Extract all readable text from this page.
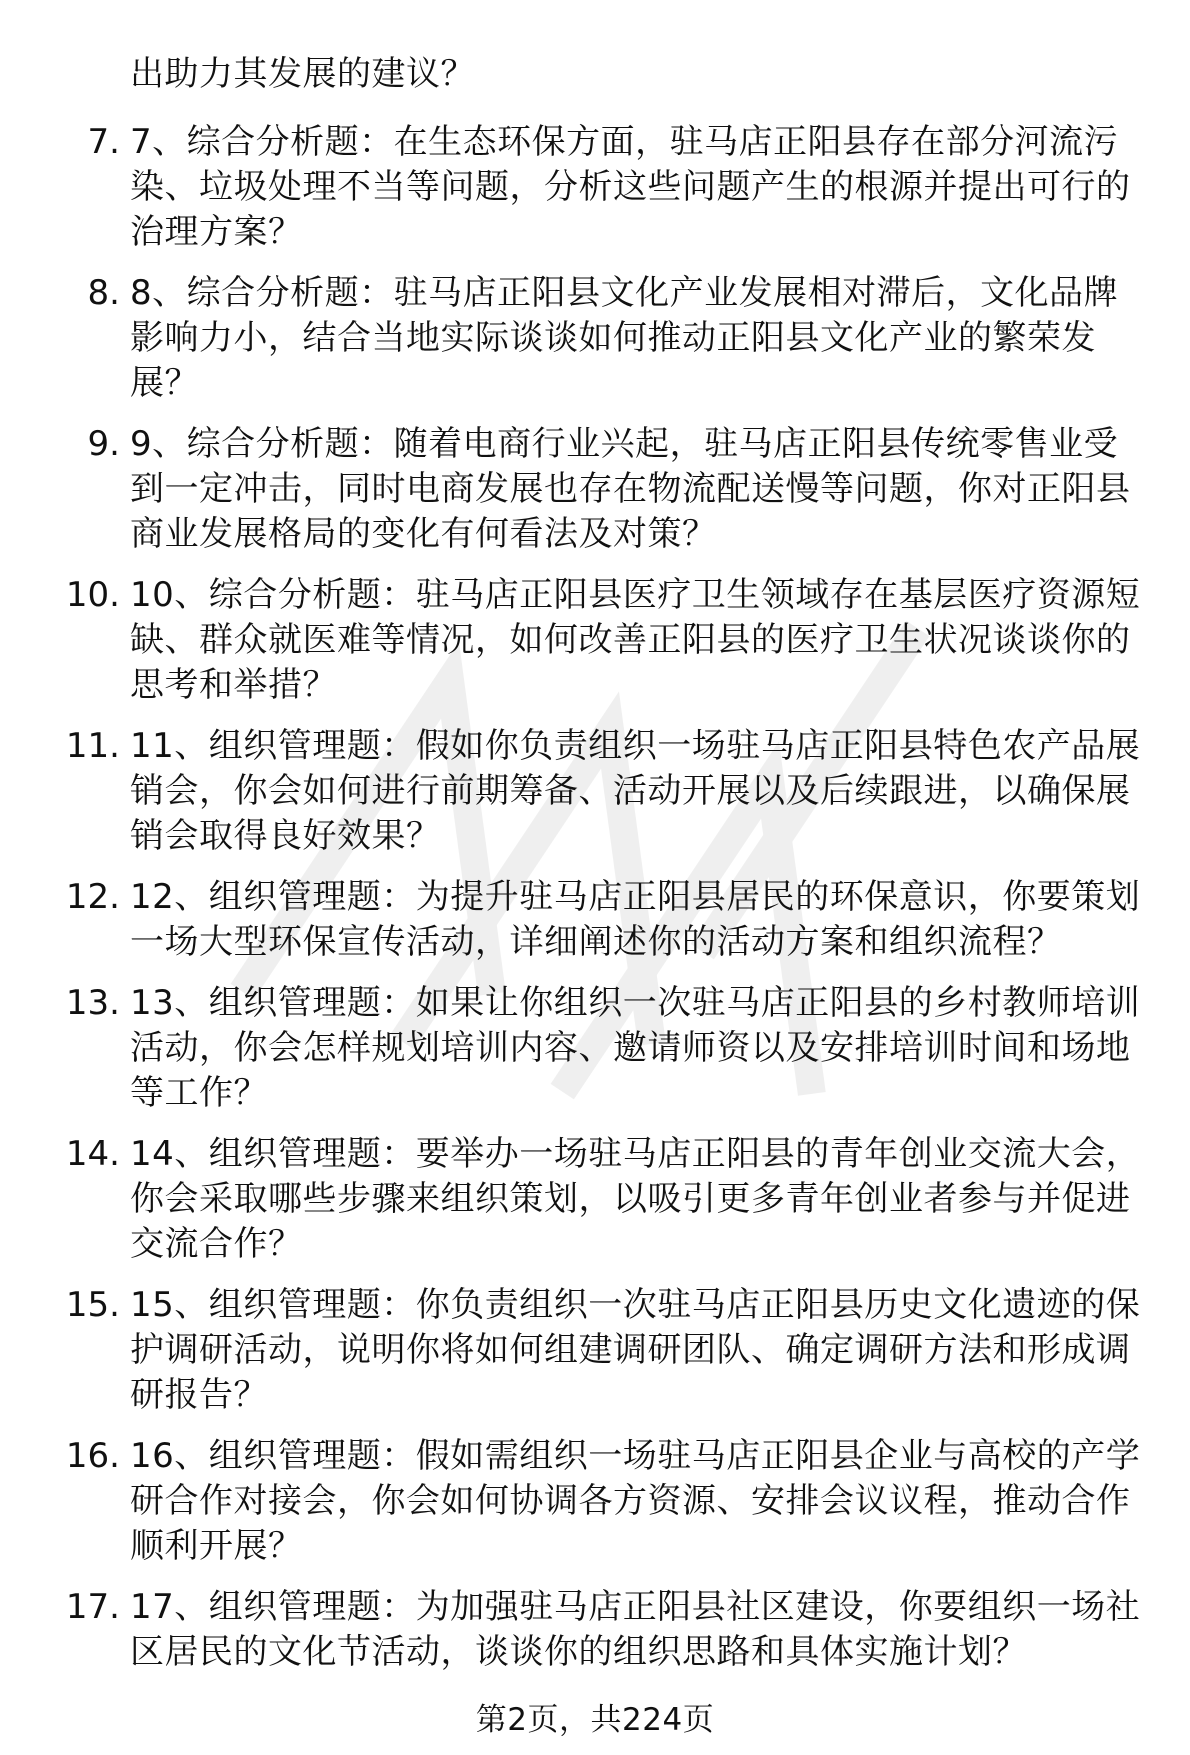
出助力其发展的建议？
7. 7、综合分析题：在生态环保方面，驻马店正阳县存在部分河流污染、垃圾处理不当等问题，分析这些问题产生的根源并提出可行的治理方案？
8. 8、综合分析题：驻马店正阳县文化产业发展相对滞后，文化品牌影响力小，结合当地实际谈谈如何推动正阳县文化产业的繁荣发展？
9. 9、综合分析题：随着电商行业兴起，驻马店正阳县传统零售业受到一定冲击，同时电商发展也存在物流配送慢等问题，你对正阳县商业发展格局的变化有何看法及对策？
10. 10、综合分析题：驻马店正阳县医疗卫生领域存在基层医疗资源短缺、群众就医难等情况，如何改善正阳县的医疗卫生状况谈谈你的思考和举措？
11. 11、组织管理题：假如你负责组织一场驻马店正阳县特色农产品展销会，你会如何进行前期筹备、活动开展以及后续跟进，以确保展销会取得良好效果？
12. 12、组织管理题：为提升驻马店正阳县居民的环保意识，你要策划一场大型环保宣传活动，详细阐述你的活动方案和组织流程？
13. 13、组织管理题：如果让你组织一次驻马店正阳县的乡村教师培训活动，你会怎样规划培训内容、邀请师资以及安排培训时间和场地等工作？
14. 14、组织管理题：要举办一场驻马店正阳县的青年创业交流大会，你会采取哪些步骤来组织策划，以吸引更多青年创业者参与并促进交流合作？
15. 15、组织管理题：你负责组织一次驻马店正阳县历史文化遗迹的保护调研活动，说明你将如何组建调研团队、确定调研方法和形成调研报告？
16. 16、组织管理题：假如需组织一场驻马店正阳县企业与高校的产学研合作对接会，你会如何协调各方资源、安排会议议程，推动合作顺利开展？
17. 17、组织管理题：为加强驻马店正阳县社区建设，你要组织一场社区居民的文化节活动，谈谈你的组织思路和具体实施计划？
第2页，共224页
